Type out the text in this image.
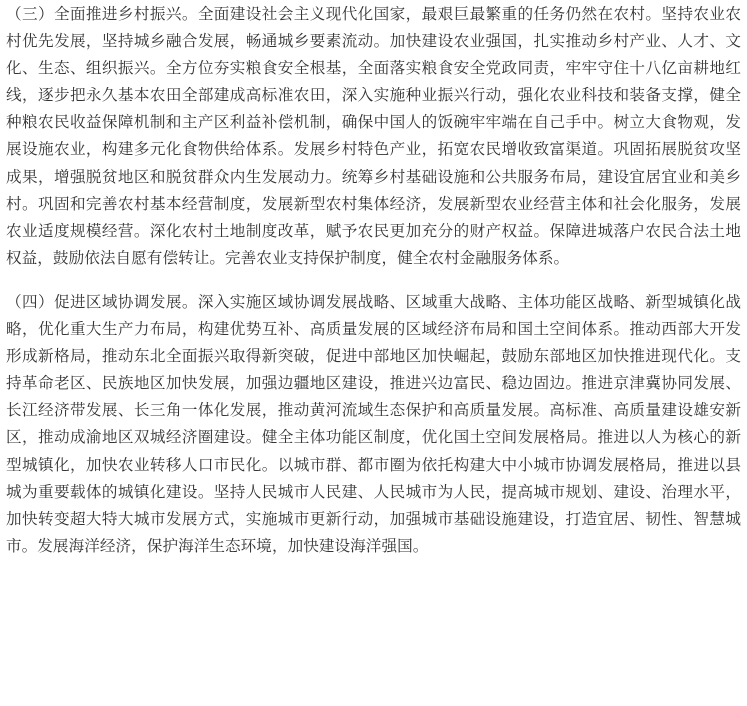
（三）全面推进乡村振兴。全面建设社会主义现代化国家，最艰巨最繁重的任务仍然在农村。坚持农业农村优先发展，坚持城乡融合发展，畅通城乡要素流动。加快建设农业强国，扎实推动乡村产业、人才、文化、生态、组织振兴。全方位夯实粮食安全根基，全面落实粮食安全党政同责，牢牢守住十八亿亩耕地红线，逐步把永久基本农田全部建成高标准农田，深入实施种业振兴行动，强化农业科技和装备支撑，健全种粮农民收益保障机制和主产区利益补偿机制，确保中国人的饭碗牢牢端在自己手中。树立大食物观，发展设施农业，构建多元化食物供给体系。发展乡村特色产业，拓宽农民增收致富渠道。巩固拓展脱贫攻坚成果，增强脱贫地区和脱贫群众内生发展动力。统筹乡村基础设施和公共服务布局，建设宜居宜业和美乡村。巩固和完善农村基本经营制度，发展新型农村集体经济，发展新型农业经营主体和社会化服务，发展农业适度规模经营。深化农村土地制度改革，赋予农民更加充分的财产权益。保障进城落户农民合法土地权益，鼓励依法自愿有偿转让。完善农业支持保护制度，健全农村金融服务体系。

（四）促进区域协调发展。深入实施区域协调发展战略、区域重大战略、主体功能区战略、新型城镇化战略，优化重大生产力布局，构建优势互补、高质量发展的区域经济布局和国土空间体系。推动西部大开发形成新格局，推动东北全面振兴取得新突破，促进中部地区加快崛起，鼓励东部地区加快推进现代化。支持革命老区、民族地区加快发展，加强边疆地区建设，推进兴边富民、稳边固边。推进京津冀协同发展、长江经济带发展、长三角一体化发展，推动黄河流域生态保护和高质量发展。高标准、高质量建设雄安新区，推动成渝地区双城经济圈建设。健全主体功能区制度，优化国土空间发展格局。推进以人为核心的新型城镇化，加快农业转移人口市民化。以城市群、都市圈为依托构建大中小城市协调发展格局，推进以县城为重要载体的城镇化建设。坚持人民城市人民建、人民城市为人民，提高城市规划、建设、治理水平，加快转变超大特大城市发展方式，实施城市更新行动，加强城市基础设施建设，打造宜居、韧性、智慧城市。发展海洋经济，保护海洋生态环境，加快建设海洋强国。
